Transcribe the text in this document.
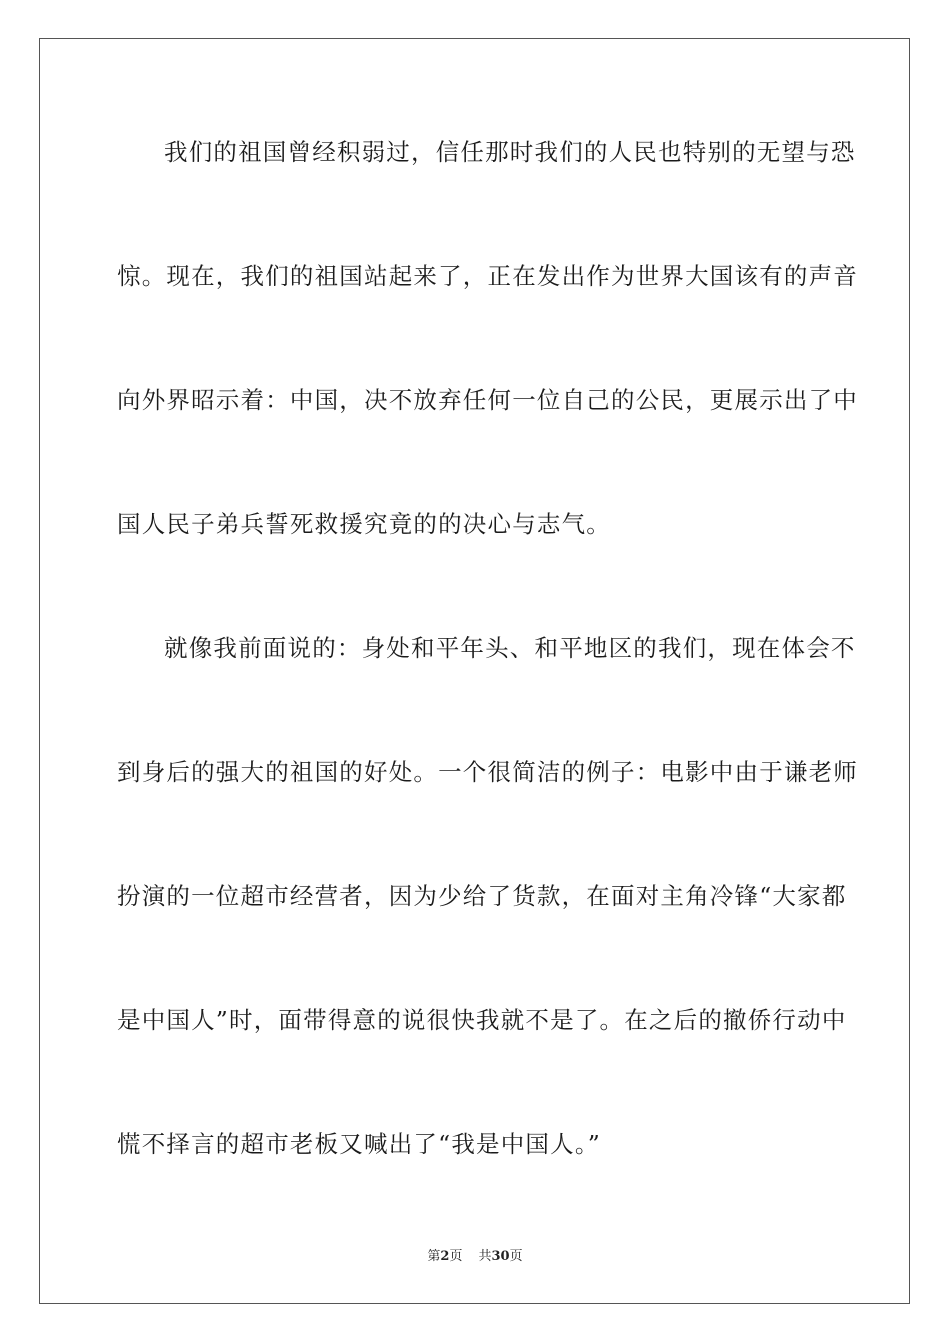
我们的祖国曾经积弱过，信任那时我们的人民也特别的无望与恐
惊。现在，我们的祖国站起来了，正在发出作为世界大国该有的声音
向外界昭示着：中国，决不放弃任何一位自己的公民，更展示出了中
国人民子弟兵誓死救援究竟的的决心与志气。
就像我前面说的：身处和平年头、和平地区的我们，现在体会不
到身后的强大的祖国的好处。一个很简洁的例子：电影中由于谦老师
扮演的一位超市经营者，因为少给了货款，在面对主角冷锋“大家都
是中国人”时，面带得意的说很快我就不是了。在之后的撤侨行动中
慌不择言的超市老板又喊出了“我是中国人。”
第2页 共30页
